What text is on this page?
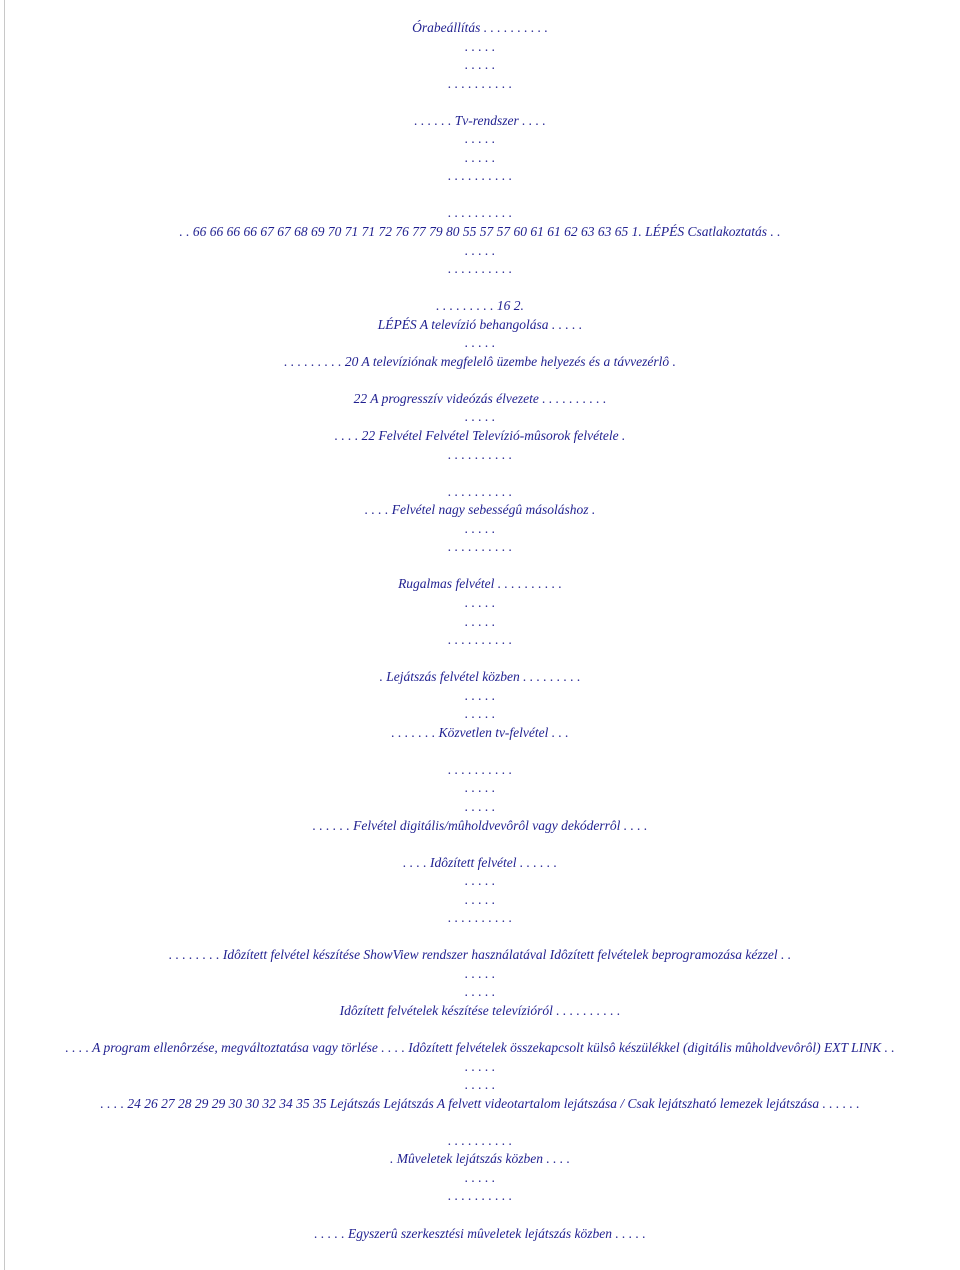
Órabeállítás . . . . . . . . . .
. . . . .
. . . . .
. . . . . . . . . .
. . . . . . Tv-rendszer . . . .
. . . . .
. . . . .
. . . . . . . . . .
. . . . . . . . . .
. . 66 66 66 66 67 67 68 69 70 71 71 72 76 77 79 80 55 57 57 60 61 61 62 63 63 65 1. LÉPÉS Csatlakoztatás . .
. . . . .
. . . . . . . . . .
. . . . . . . . . 16 2.
LÉPÉS A televízió behangolása . . . . .
. . . . .
. . . . . . . . . 20 A televíziónak megfelelô üzembe helyezés és a távvezérlô .
22 A progresszív videózás élvezete . . . . . . . . . .
. . . . .
. . . . 22 Felvétel Felvétel Televízió-mûsorok felvétele .
. . . . . . . . . .
. . . . . . . . . .
. . . . Felvétel nagy sebességû másoláshoz .
. . . . .
. . . . . . . . . .
Rugalmas felvétel . . . . . . . . . .
. . . . .
. . . . .
. . . . . . . . . .
. Lejátszás felvétel közben . . . . . . . . .
. . . . .
. . . . .
. . . . . . . Közvetlen tv-felvétel . . .
. . . . . . . . . .
. . . . .
. . . . .
. . . . . . Felvétel digitális/mûholdvevôrôl vagy dekóderrôl . . . .
. . . . Idôzített felvétel . . . . . .
. . . . .
. . . . .
. . . . . . . . . .
. . . . . . . . Idôzített felvétel készítése ShowView rendszer használatával Idôzített felvételek beprogramozása kézzel . .
. . . . .
. . . . .
Idôzített felvételek készítése televízióról . . . . . . . . . .
. . . . A program ellenôrzése, megváltoztatása vagy törlése . . . . Idôzített felvételek összekapcsolt külsô készülékkel (digitális mûholdvevôrôl) EXT LINK . .
. . . . .
. . . . .
. . . . 24 26 27 28 29 29 30 30 32 34 35 35 Lejátszás Lejátszás A felvett videotartalom lejátszása / Csak lejátszható lemezek lejátszása . . . . . .
. . . . . . . . . .
. Mûveletek lejátszás közben . . . .
. . . . .
. . . . . . . . . .
. . . . . Egyszerû szerkesztési mûveletek lejátszás közben . . . . .
